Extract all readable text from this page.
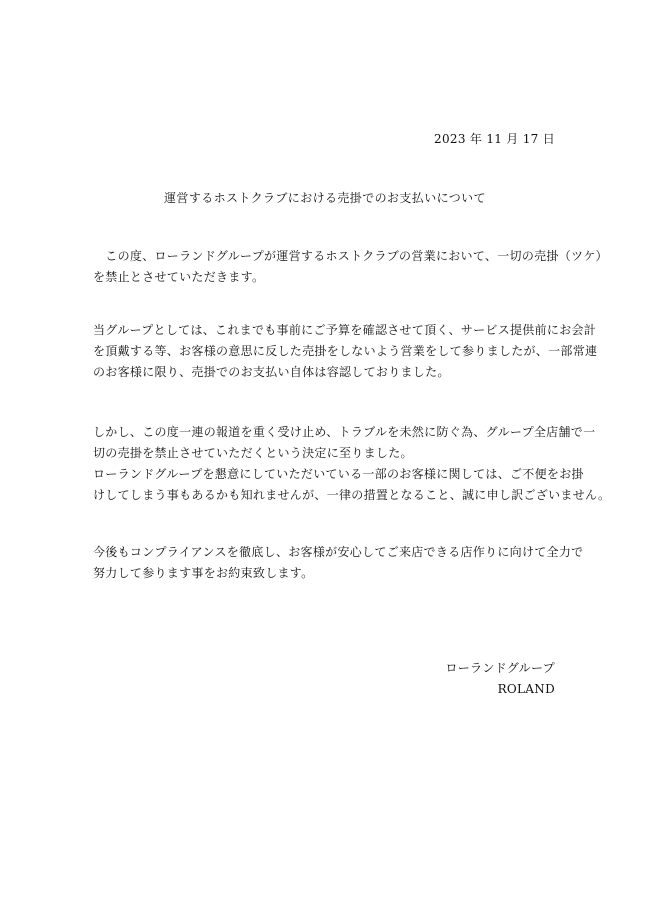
2023 年 11 月 17 日
運営するホストクラブにおける売掛でのお支払いについて
　この度、ローランドグループが運営するホストクラブの営業において、一切の売掛（ツケ）
を禁止とさせていただきます。
当グループとしては、これまでも事前にご予算を確認させて頂く、サービス提供前にお会計
を頂戴する等、お客様の意思に反した売掛をしないよう営業をして参りましたが、一部常連
のお客様に限り、売掛でのお支払い自体は容認しておりました。
しかし、この度一連の報道を重く受け止め、トラブルを未然に防ぐ為、グループ全店舗で一
切の売掛を禁止させていただくという決定に至りました。
ローランドグループを懇意にしていただいている一部のお客様に関しては、ご不便をお掛
けしてしまう事もあるかも知れませんが、一律の措置となること、誠に申し訳ございません。
今後もコンプライアンスを徹底し、お客様が安心してご来店できる店作りに向けて全力で
努力して参ります事をお約束致します。
ローランドグループ
ROLAND
